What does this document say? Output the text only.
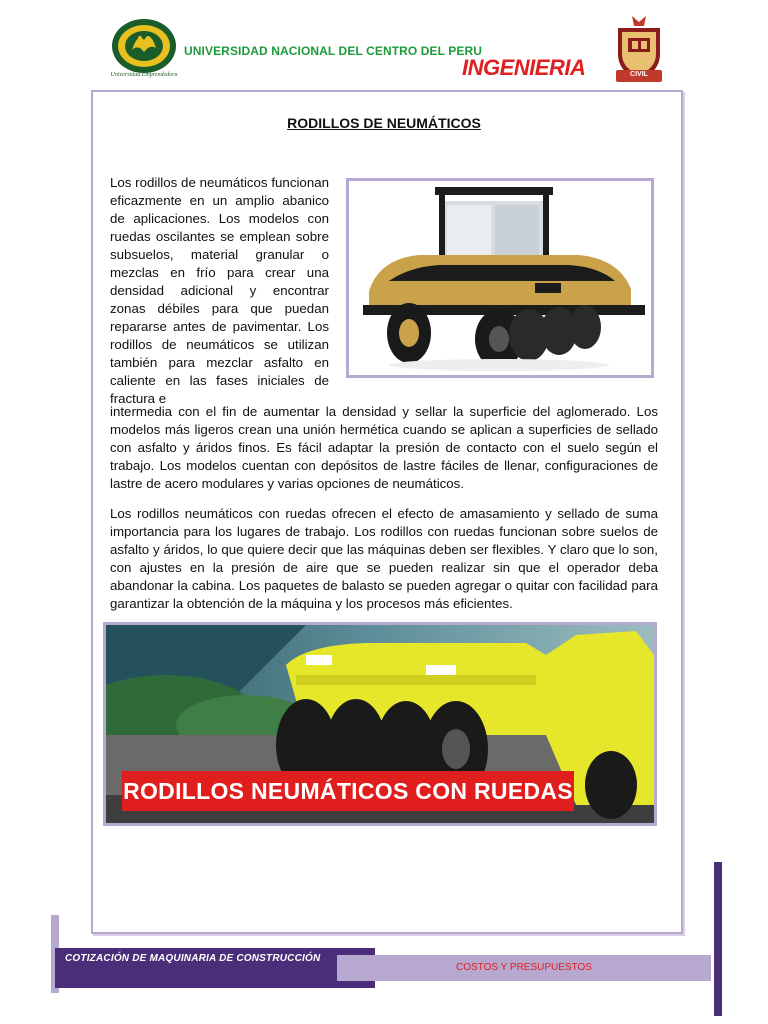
Universidad Emprendedora
UNIVERSIDAD NACIONAL DEL CENTRO DEL PERU
INGENIERIA	CIVIL
RODILLOS DE NEUMÁTICOS
Los rodillos de neumáticos funcionan eficazmente en un amplio abanico de aplicaciones. Los modelos con ruedas oscilantes se emplean sobre subsuelos, material granular o mezclas en frío para crear una densidad adicional y encontrar zonas débiles para que puedan repararse antes de pavimentar. Los rodillos de neumáticos se utilizan también para mezclar asfalto en caliente en las fases iniciales de fractura e
intermedia con el fin de aumentar la densidad y sellar la superficie del aglomerado. Los modelos más ligeros crean una unión hermética cuando se aplican a superficies de sellado con asfalto y áridos finos. Es fácil adaptar la presión de contacto con el suelo según el trabajo. Los modelos cuentan con depósitos de lastre fáciles de llenar, configuraciones de lastre de acero modulares y varias opciones de neumáticos.
Los rodillos neumáticos con ruedas ofrecen el efecto de amasamiento y sellado de suma importancia para los lugares de trabajo. Los rodillos con ruedas funcionan sobre suelos de asfalto y áridos, lo que quiere decir que las máquinas deben ser flexibles. Y claro que lo son, con ajustes en la presión de aire que se pueden realizar sin que el operador deba abandonar la cabina. Los paquetes de balasto se pueden agregar o quitar con facilidad para garantizar la obtención de la máquina y los procesos más eficientes.
RODILLOS NEUMÁTICOS CON RUEDAS
COTIZACIÓN DE MAQUINARIA DE CONSTRUCCIÓN
COSTOS Y PRESUPUESTOS
